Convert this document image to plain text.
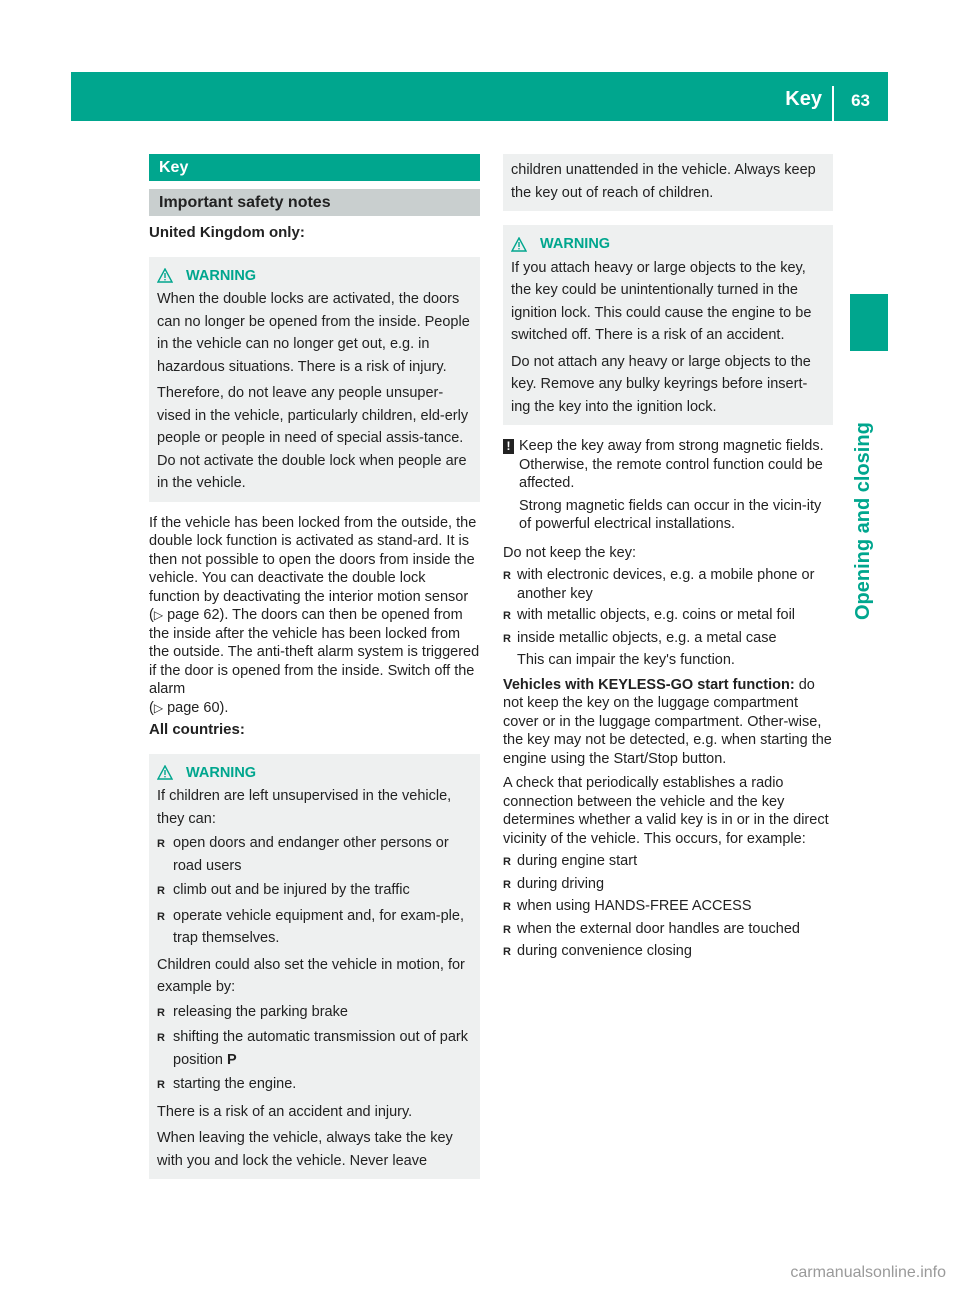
Key 63
Opening and closing
Key
Important safety notes
United Kingdom only:
WARNING

When the double locks are activated, the doors can no longer be opened from the inside. People in the vehicle can no longer get out, e.g. in hazardous situations. There is a risk of injury.

Therefore, do not leave any people unsuper-vised in the vehicle, particularly children, eld-erly people or people in need of special assis-tance. Do not activate the double lock when people are in the vehicle.

If the vehicle has been locked from the outside, the double lock function is activated as stand-ard. It is then not possible to open the doors from inside the vehicle. You can deactivate the double lock function by deactivating the interior motion sensor (▷ page 62). The doors can then be opened from the inside after the vehicle has been locked from the outside. The anti-theft alarm system is triggered if the door is opened from the inside. Switch off the alarm
(▷ page 60).
All countries:
WARNING

If children are left unsupervised in the vehicle, they can:

R open doors and endanger other persons or road users
R climb out and be injured by the traffic
R operate vehicle equipment and, for exam-ple, trap themselves.

Children could also set the vehicle in motion, for example by:

R releasing the parking brake
R shifting the automatic transmission out of park position P
R starting the engine.

There is a risk of an accident and injury.

When leaving the vehicle, always take the key with you and lock the vehicle. Never leave

children unattended in the vehicle. Always keep the key out of reach of children.

WARNING

If you attach heavy or large objects to the key, the key could be unintentionally turned in the ignition lock. This could cause the engine to be switched off. There is a risk of an accident.

Do not attach any heavy or large objects to the key. Remove any bulky keyrings before insert-ing the key into the ignition lock.

! Keep the key away from strong magnetic fields. Otherwise, the remote control function could be affected.

Strong magnetic fields can occur in the vicin-ity of powerful electrical installations.

Do not keep the key:
R with electronic devices, e.g. a mobile phone or another key
R with metallic objects, e.g. coins or metal foil
R inside metallic objects, e.g. a metal case
This can impair the key's function.
Vehicles with KEYLESS-GO start function: do not keep the key on the luggage compartment cover or in the luggage compartment. Other-wise, the key may not be detected, e.g. when starting the engine using the Start/Stop button.
A check that periodically establishes a radio connection between the vehicle and the key determines whether a valid key is in or in the direct vicinity of the vehicle. This occurs, for example:
R during engine start
R during driving
R when using HANDS-FREE ACCESS
R when the external door handles are touched
R during convenience closing
carmanualsonline.info
